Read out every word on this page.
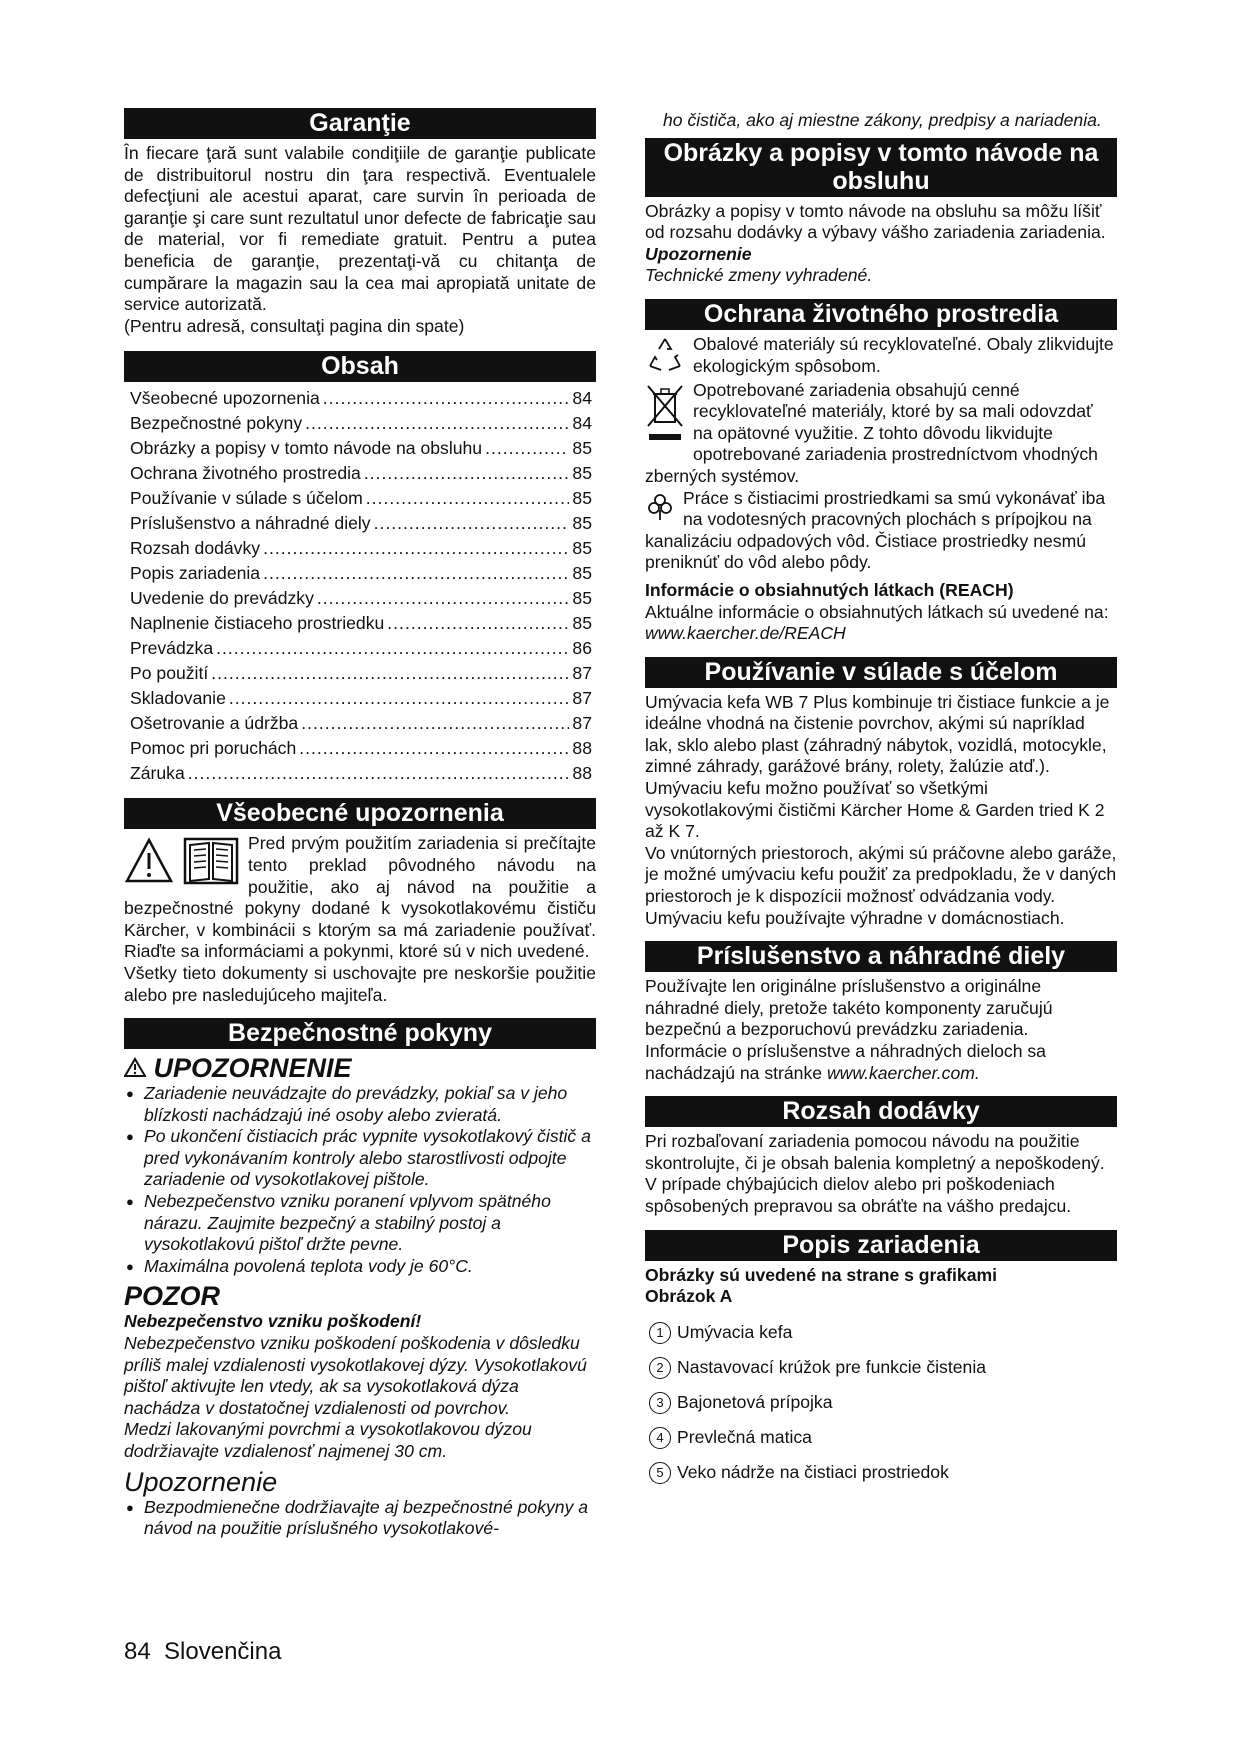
Garanţie

În fiecare ţară sunt valabile condiţiile de garanţie publicate de distribuitorul nostru din ţara respectivă. Eventualele defecţiuni ale acestui aparat, care survin în perioada de garanţie şi care sunt rezultatul unor defecte de fabricaţie sau de material, vor fi remediate gratuit. Pentru a putea beneficia de garanţie, prezentaţi-vă cu chitanţa de cumpărare la magazin sau la cea mai apropiată unitate de service autorizată.

(Pentru adresă, consultaţi pagina din spate)

Obsah
Všeobecné upozornenia .....	84
Bezpečnostné pokyny .....	84
Obrázky a popisy v tomto návode na obsluhu .....	85
Ochrana životného prostredia .....	85
Používanie v súlade s účelom .....	85
Príslušenstvo a náhradné diely .....	85
Rozsah dodávky .....	85
Popis zariadenia .....	85
Uvedenie do prevádzky .....	85
Naplnenie čistiaceho prostriedku .....	85
Prevádzka .....	86
Po použití .....	87
Skladovanie .....	87
Ošetrovanie a údržba .....	87
Pomoc pri poruchách .....	88
Záruka .....	88
Všeobecné upozornenia

Pred prvým použitím zariadenia si prečítajte tento preklad pôvodného návodu na použitie, ako aj návod na použitie a bezpečnostné pokyny dodané k vysokotlakovému čističu Kärcher, v kombinácii s ktorým sa má zariadenie používať. Riaďte sa informáciami a pokynmi, ktoré sú v nich uvedené.

Všetky tieto dokumenty si uschovajte pre neskoršie použitie alebo pre nasledujúceho majiteľa.

Bezpečnostné pokyny
UPOZORNENIE
● Zariadenie neuvádzajte do prevádzky, pokiaľ sa v jeho blízkosti nachádzajú iné osoby alebo zvieratá.
● Po ukončení čistiacich prác vypnite vysokotlakový čistič a pred vykonávaním kontroly alebo starostlivosti odpojte zariadenie od vysokotlakovej pištole.
● Nebezpečenstvo vzniku poranení vplyvom spätného nárazu. Zaujmite bezpečný a stabilný postoj a vysokotlakovú pištoľ držte pevne.
● Maximálna povolená teplota vody je 60°C.
POZOR

Nebezpečenstvo vzniku poškodení!

Nebezpečenstvo vzniku poškodení poškodenia v dôsledku príliš malej vzdialenosti vysokotlakovej dýzy. Vysokotlakovú pištoľ aktivujte len vtedy, ak sa vysokotlaková dýza nachádza v dostatočnej vzdialenosti od povrchov.

Medzi lakovanými povrchmi a vysokotlakovou dýzou dodržiavajte vzdialenosť najmenej 30 cm.

Upozornenie
● Bezpodmienečne dodržiavajte aj bezpečnostné pokyny a návod na použitie príslušného vysokotlakové-

ho čističa, ako aj miestne zákony, predpisy a nariadenia.

Obrázky a popisy v tomto návode na obsluhu

Obrázky a popisy v tomto návode na obsluhu sa môžu líšiť od rozsahu dodávky a výbavy vášho zariadenia zariadenia.

Upozornenie

Technické zmeny vyhradené.

Ochrana životného prostredia

Obalové materiály sú recyklovateľné. Obaly zlikvidujte ekologickým spôsobom.

Opotrebované zariadenia obsahujú cenné recyklovateľné materiály, ktoré by sa mali odovzdať na opätovné využitie. Z tohto dôvodu likvidujte opotrebované zariadenia prostredníctvom vhodných zberných systémov.

Práce s čistiacimi prostriedkami sa smú vykonávať iba na vodotesných pracovných plochách s prípojkou na kanalizáciu odpadových vôd. Čistiace prostriedky nesmú preniknúť do vôd alebo pôdy.

Informácie o obsiahnutých látkach (REACH)

Aktuálne informácie o obsiahnutých látkach sú uvedené na: www.kaercher.de/REACH

Používanie v súlade s účelom

Umývacia kefa WB 7 Plus kombinuje tri čistiace funkcie a je ideálne vhodná na čistenie povrchov, akými sú napríklad lak, sklo alebo plast (záhradný nábytok, vozidlá, motocykle, zimné záhrady, garážové brány, rolety, žalúzie atď.).

Umývaciu kefu možno používať so všetkými vysokotlakovými čističmi Kärcher Home & Garden tried K 2 až K 7.

Vo vnútorných priestoroch, akými sú práčovne alebo garáže, je možné umývaciu kefu použiť za predpokladu, že v daných priestoroch je k dispozícii možnosť odvádzania vody.

Umývaciu kefu používajte výhradne v domácnostiach.

Príslušenstvo a náhradné diely

Používajte len originálne príslušenstvo a originálne náhradné diely, pretože takéto komponenty zaručujú bezpečnú a bezporuchovú prevádzku zariadenia.

Informácie o príslušenstve a náhradných dieloch sa nachádzajú na stránke www.kaercher.com.

Rozsah dodávky

Pri rozbaľovaní zariadenia pomocou návodu na použitie skontrolujte, či je obsah balenia kompletný a nepoškodený. V prípade chýbajúcich dielov alebo pri poškodeniach spôsobených prepravou sa obráťte na vášho predajcu.

Popis zariadenia

Obrázky sú uvedené na strane s grafikami

Obrázok A

1 Umývacia kefa
2 Nastavovací krúžok pre funkcie čistenia
3 Bajonetová prípojka
4 Prevlečná matica
5 Veko nádrže na čistiaci prostriedok
84 Slovenčina
